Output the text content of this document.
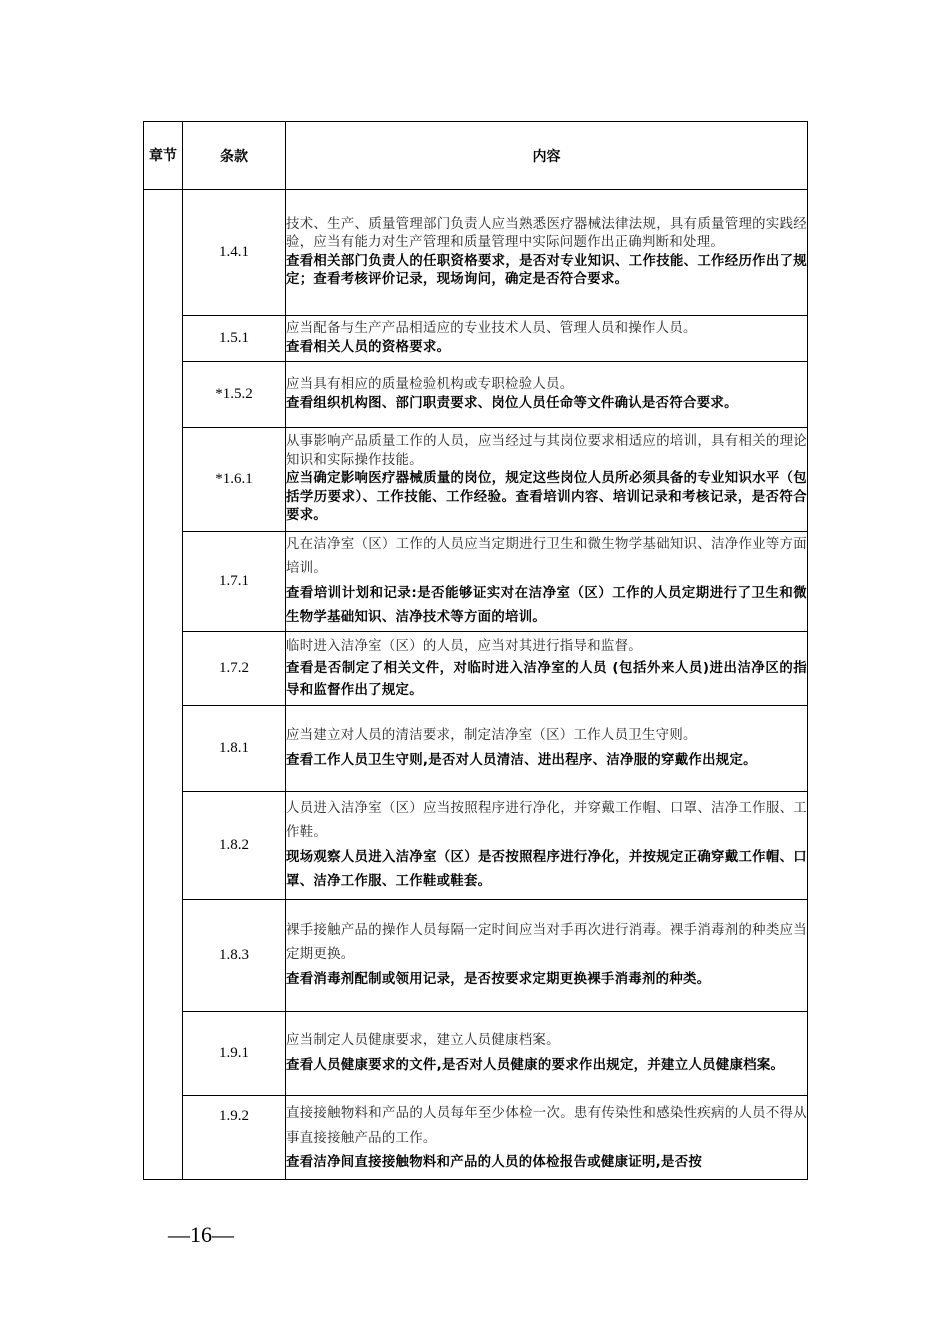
章节	条款	内容
	1.4.1	技术、生产、质量管理部门负责人应当熟悉医疗器械法律法规，具有质量管理的实践经验，应当有能力对生产管理和质量管理中实际问题作出正确判断和处理。
查看相关部门负责人的任职资格要求，是否对专业知识、工作技能、工作经历作出了规定；查看考核评价记录，现场询问，确定是否符合要求。

	1.5.1	应当配备与生产产品相适应的专业技术人员、管理人员和操作人员。
查看相关人员的资格要求。

	*1.5.2	应当具有相应的质量检验机构或专职检验人员。
查看组织机构图、部门职责要求、岗位人员任命等文件确认是否符合要求。

	*1.6.1	从事影响产品质量工作的人员，应当经过与其岗位要求相适应的培训，具有相关的理论知识和实际操作技能。
应当确定影响医疗器械质量的岗位，规定这些岗位人员所必须具备的专业知识水平（包括学历要求）、工作技能、工作经验。查看培训内容、培训记录和考核记录，是否符合要求。

	1.7.1	凡在洁净室（区）工作的人员应当定期进行卫生和微生物学基础知识、洁净作业等方面培训。
查看培训计划和记录:是否能够证实对在洁净室（区）工作的人员定期进行了卫生和微生物学基础知识、洁净技术等方面的培训。

	1.7.2	临时进入洁净室（区）的人员，应当对其进行指导和监督。
查看是否制定了相关文件，对临时进入洁净室的人员 (包括外来人员)进出洁净区的指导和监督作出了规定。

	1.8.1	应当建立对人员的清洁要求，制定洁净室（区）工作人员卫生守则。
查看工作人员卫生守则,是否对人员清洁、进出程序、洁净服的穿戴作出规定。

	1.8.2	人员进入洁净室（区）应当按照程序进行净化，并穿戴工作帽、口罩、洁净工作服、工作鞋。
现场观察人员进入洁净室（区）是否按照程序进行净化，并按规定正确穿戴工作帽、口罩、洁净工作服、工作鞋或鞋套。

	1.8.3	裸手接触产品的操作人员每隔一定时间应当对手再次进行消毒。裸手消毒剂的种类应当定期更换。
查看消毒剂配制或领用记录，是否按要求定期更换裸手消毒剂的种类。

	1.9.1	应当制定人员健康要求，建立人员健康档案。
查看人员健康要求的文件,是否对人员健康的要求作出规定，并建立人员健康档案。

	1.9.2	直接接触物料和产品的人员每年至少体检一次。患有传染性和感染性疾病的人员不得从事直接接触产品的工作。
查看洁净间直接接触物料和产品的人员的体检报告或健康证明,是否按
—16—
